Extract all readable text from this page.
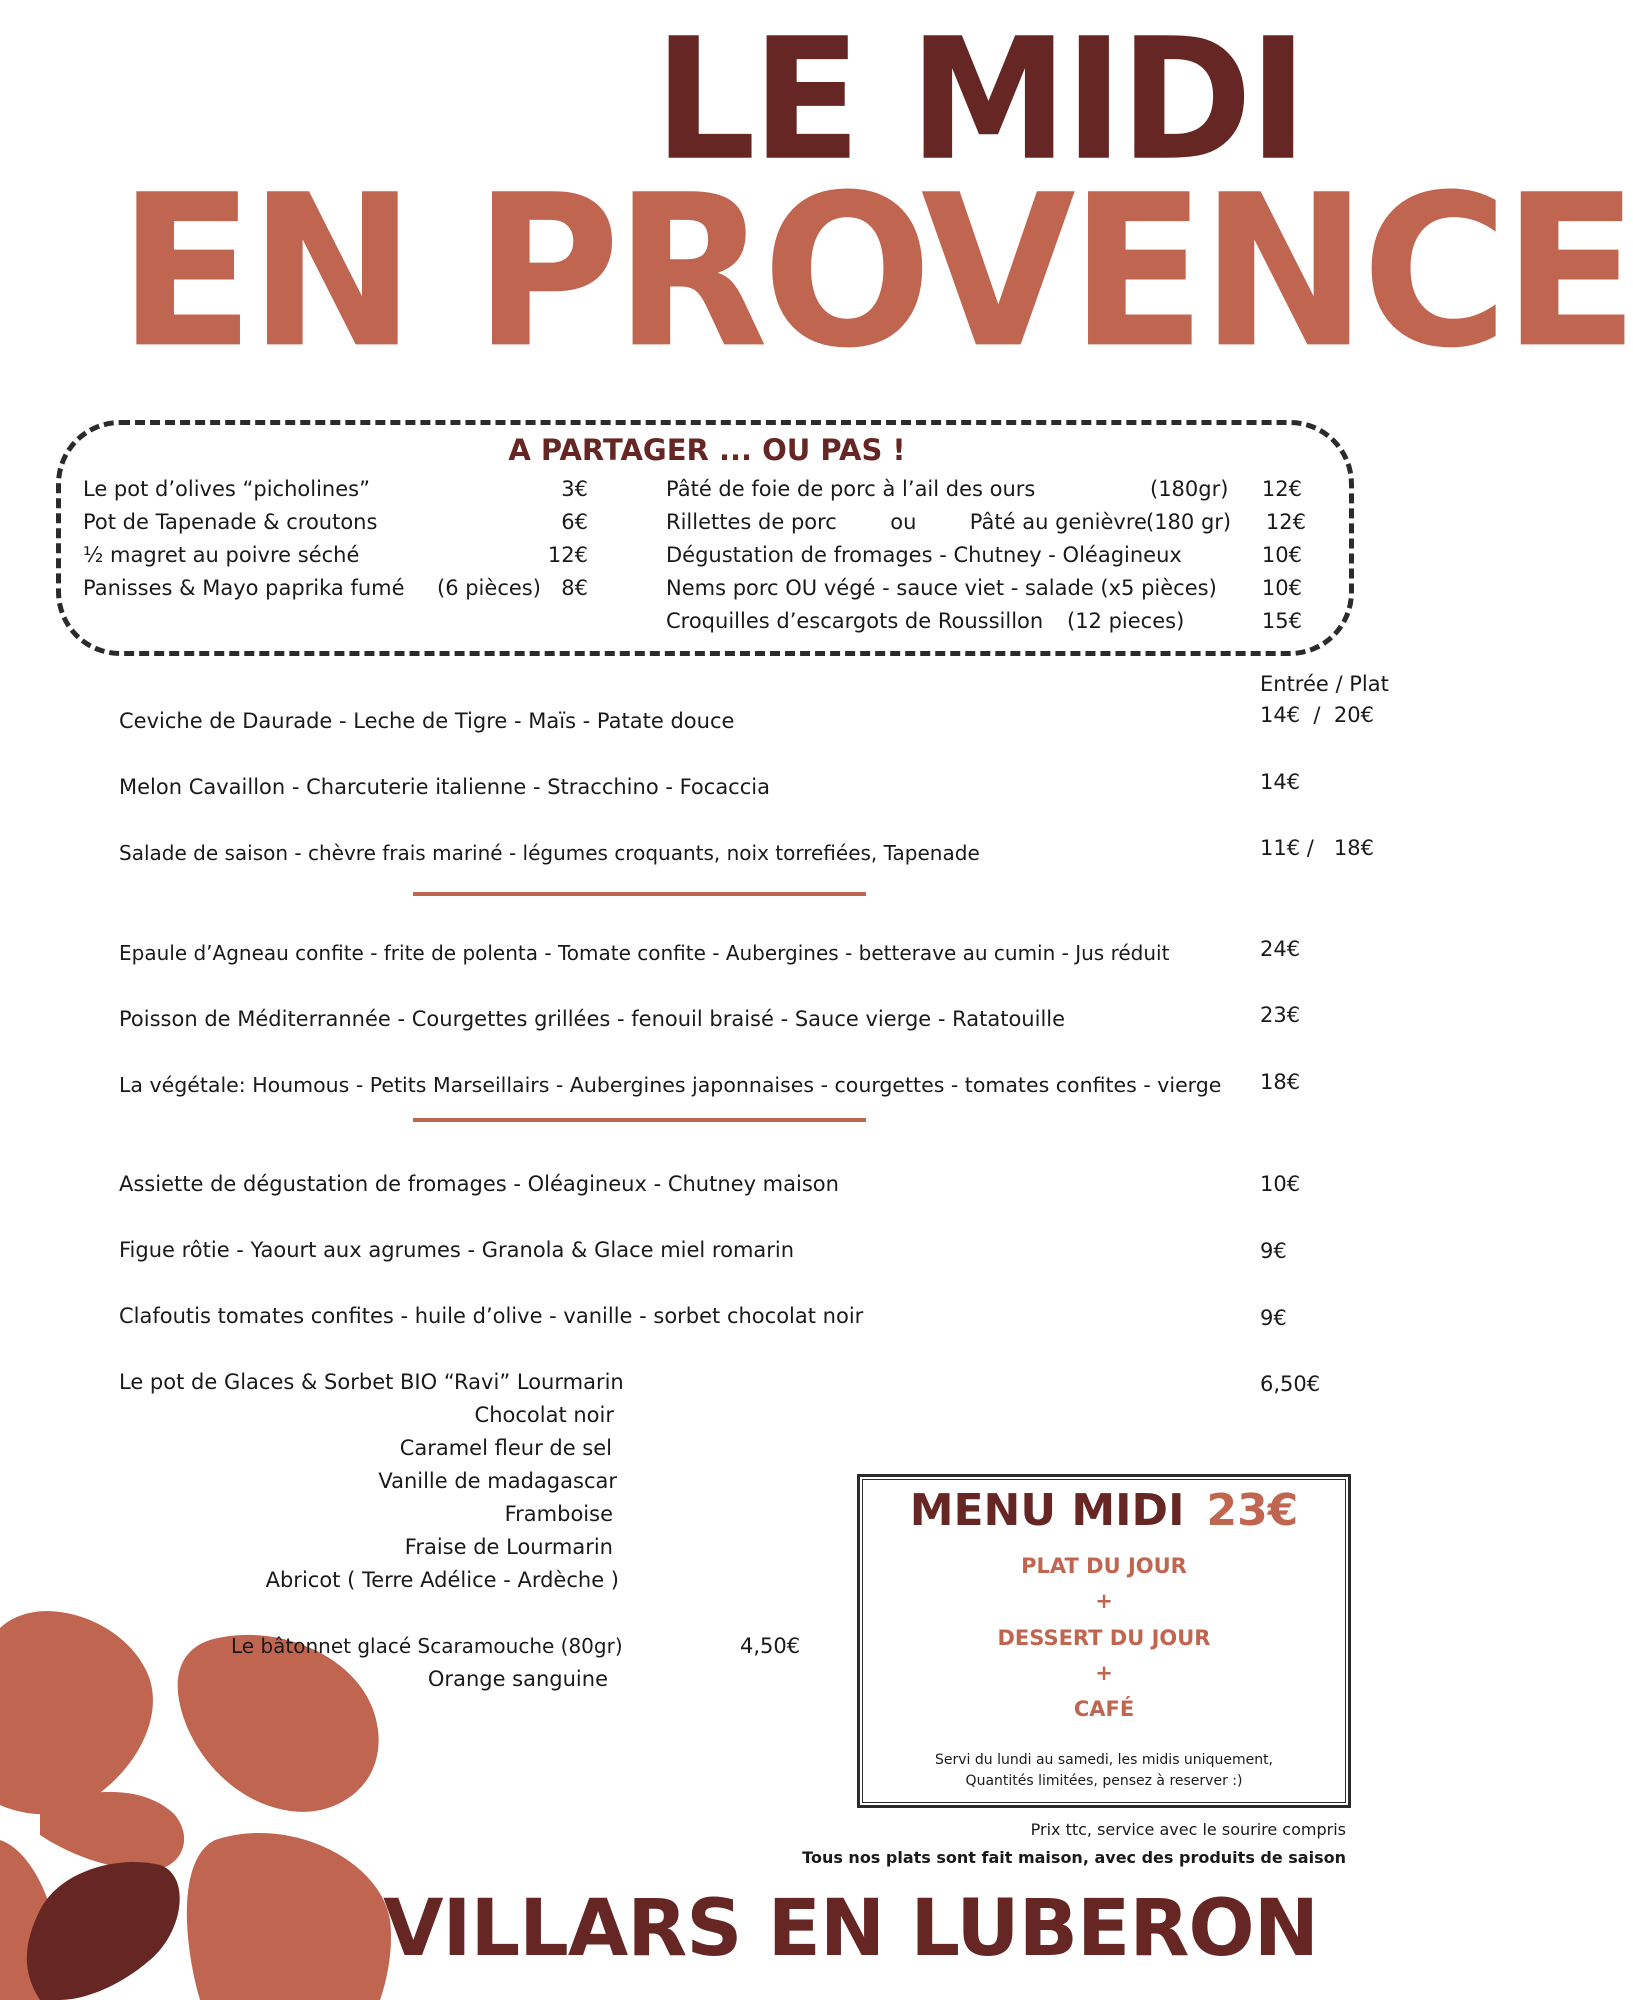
LE MIDI
EN PROVENCE
A PARTAGER ... OU PAS !
Le pot d’olives “picholines”	3€
Pot de Tapenade & croutons	6€
½ magret au poivre séché	12€
Panisses & Mayo paprika fumé (6 pièces) 8€
Pâté de foie de porc à l’ail des ours	(180gr)	12€
Rillettes de porc        ou        Pâté au genièvre (180 gr)	12€
Dégustation de fromages - Chutney - Oléagineux	10€
Nems porc OU végé - sauce viet - salade (x5 pièces)	10€
Croquilles d’escargots de Roussillon (12 pieces)	15€
Entrée / Plat
Ceviche de Daurade - Leche de Tigre - Maïs - Patate douce	14€  /  20€
Melon Cavaillon - Charcuterie italienne - Stracchino - Focaccia	14€
Salade de saison - chèvre frais mariné - légumes croquants, noix torrefiées, Tapenade	11€ /   18€
Epaule d’Agneau confite - frite de polenta - Tomate confite - Aubergines - betterave au cumin - Jus réduit	24€
Poisson de Méditerrannée - Courgettes grillées - fenouil braisé - Sauce vierge - Ratatouille	23€
La végétale: Houmous - Petits Marseillairs - Aubergines japonnaises - courgettes - tomates confites - vierge 18€
Assiette de dégustation de fromages - Oléagineux - Chutney maison	10€
Figue rôtie - Yaourt aux agrumes - Granola & Glace miel romarin	9€
Clafoutis tomates confites - huile d’olive - vanille - sorbet chocolat noir	9€
Le pot de Glaces & Sorbet BIO “Ravi” Lourmarin	6,50€
Chocolat noir
Caramel fleur de sel
Vanille de madagascar
Framboise
Fraise de Lourmarin
Abricot ( Terre Adélice - Ardèche )
Le bâtonnet glacé Scaramouche (80gr)	4,50€
Orange sanguine
MENU MIDI 23€
PLAT DU JOUR
+
DESSERT DU JOUR
+
CAFÉ
Servi du lundi au samedi, les midis uniquement,
Quantités limitées, pensez à reserver :)
Prix ttc, service avec le sourire compris
Tous nos plats sont fait maison, avec des produits de saison
VILLARS EN LUBERON
